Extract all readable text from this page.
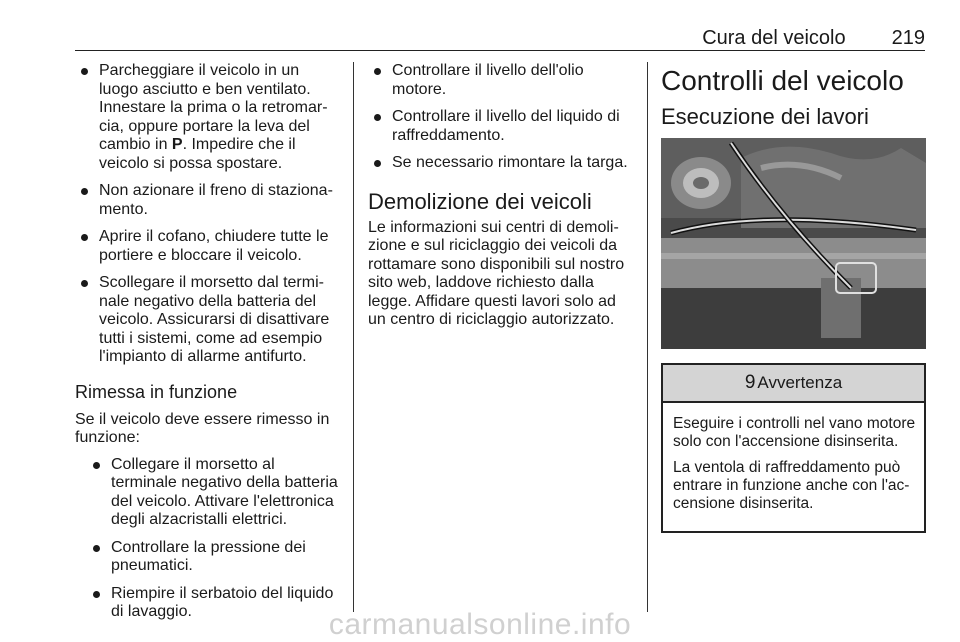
Cura del veicolo 219
Parcheggiare il veicolo in un luogo asciutto e ben ventilato. Innestare la prima o la retromar‐ cia, oppure portare la leva del cambio in P. Impedire che il veicolo si possa spostare.
Non azionare il freno di staziona‐ mento.
Aprire il cofano, chiudere tutte le portiere e bloccare il veicolo.
Scollegare il morsetto dal termi‐ nale negativo della batteria del veicolo. Assicurarsi di disattivare tutti i sistemi, come ad esempio l'impianto di allarme antifurto.
Rimessa in funzione

Se il veicolo deve essere rimesso in funzione:

Collegare il morsetto al terminale negativo della batteria del veicolo. Attivare l'elettronica degli alzacristalli elettrici.
Controllare la pressione dei pneumatici.
Riempire il serbatoio del liquido di lavaggio.
Controllare il livello dell'olio motore.
Controllare il livello del liquido di raffreddamento.
Se necessario rimontare la targa.
Demolizione dei veicoli

Le informazioni sui centri di demoli‐ zione e sul riciclaggio dei veicoli da rottamare sono disponibili sul nostro sito web, laddove richiesto dalla legge. Affidare questi lavori solo ad un centro di riciclaggio autorizzato.

Controlli del veicolo
Esecuzione dei lavori
9 Avvertenza

Eseguire i controlli nel vano motore solo con l'accensione disinserita.

La ventola di raffreddamento può entrare in funzione anche con l'ac‐ censione disinserita.

carmanualsonline.info
